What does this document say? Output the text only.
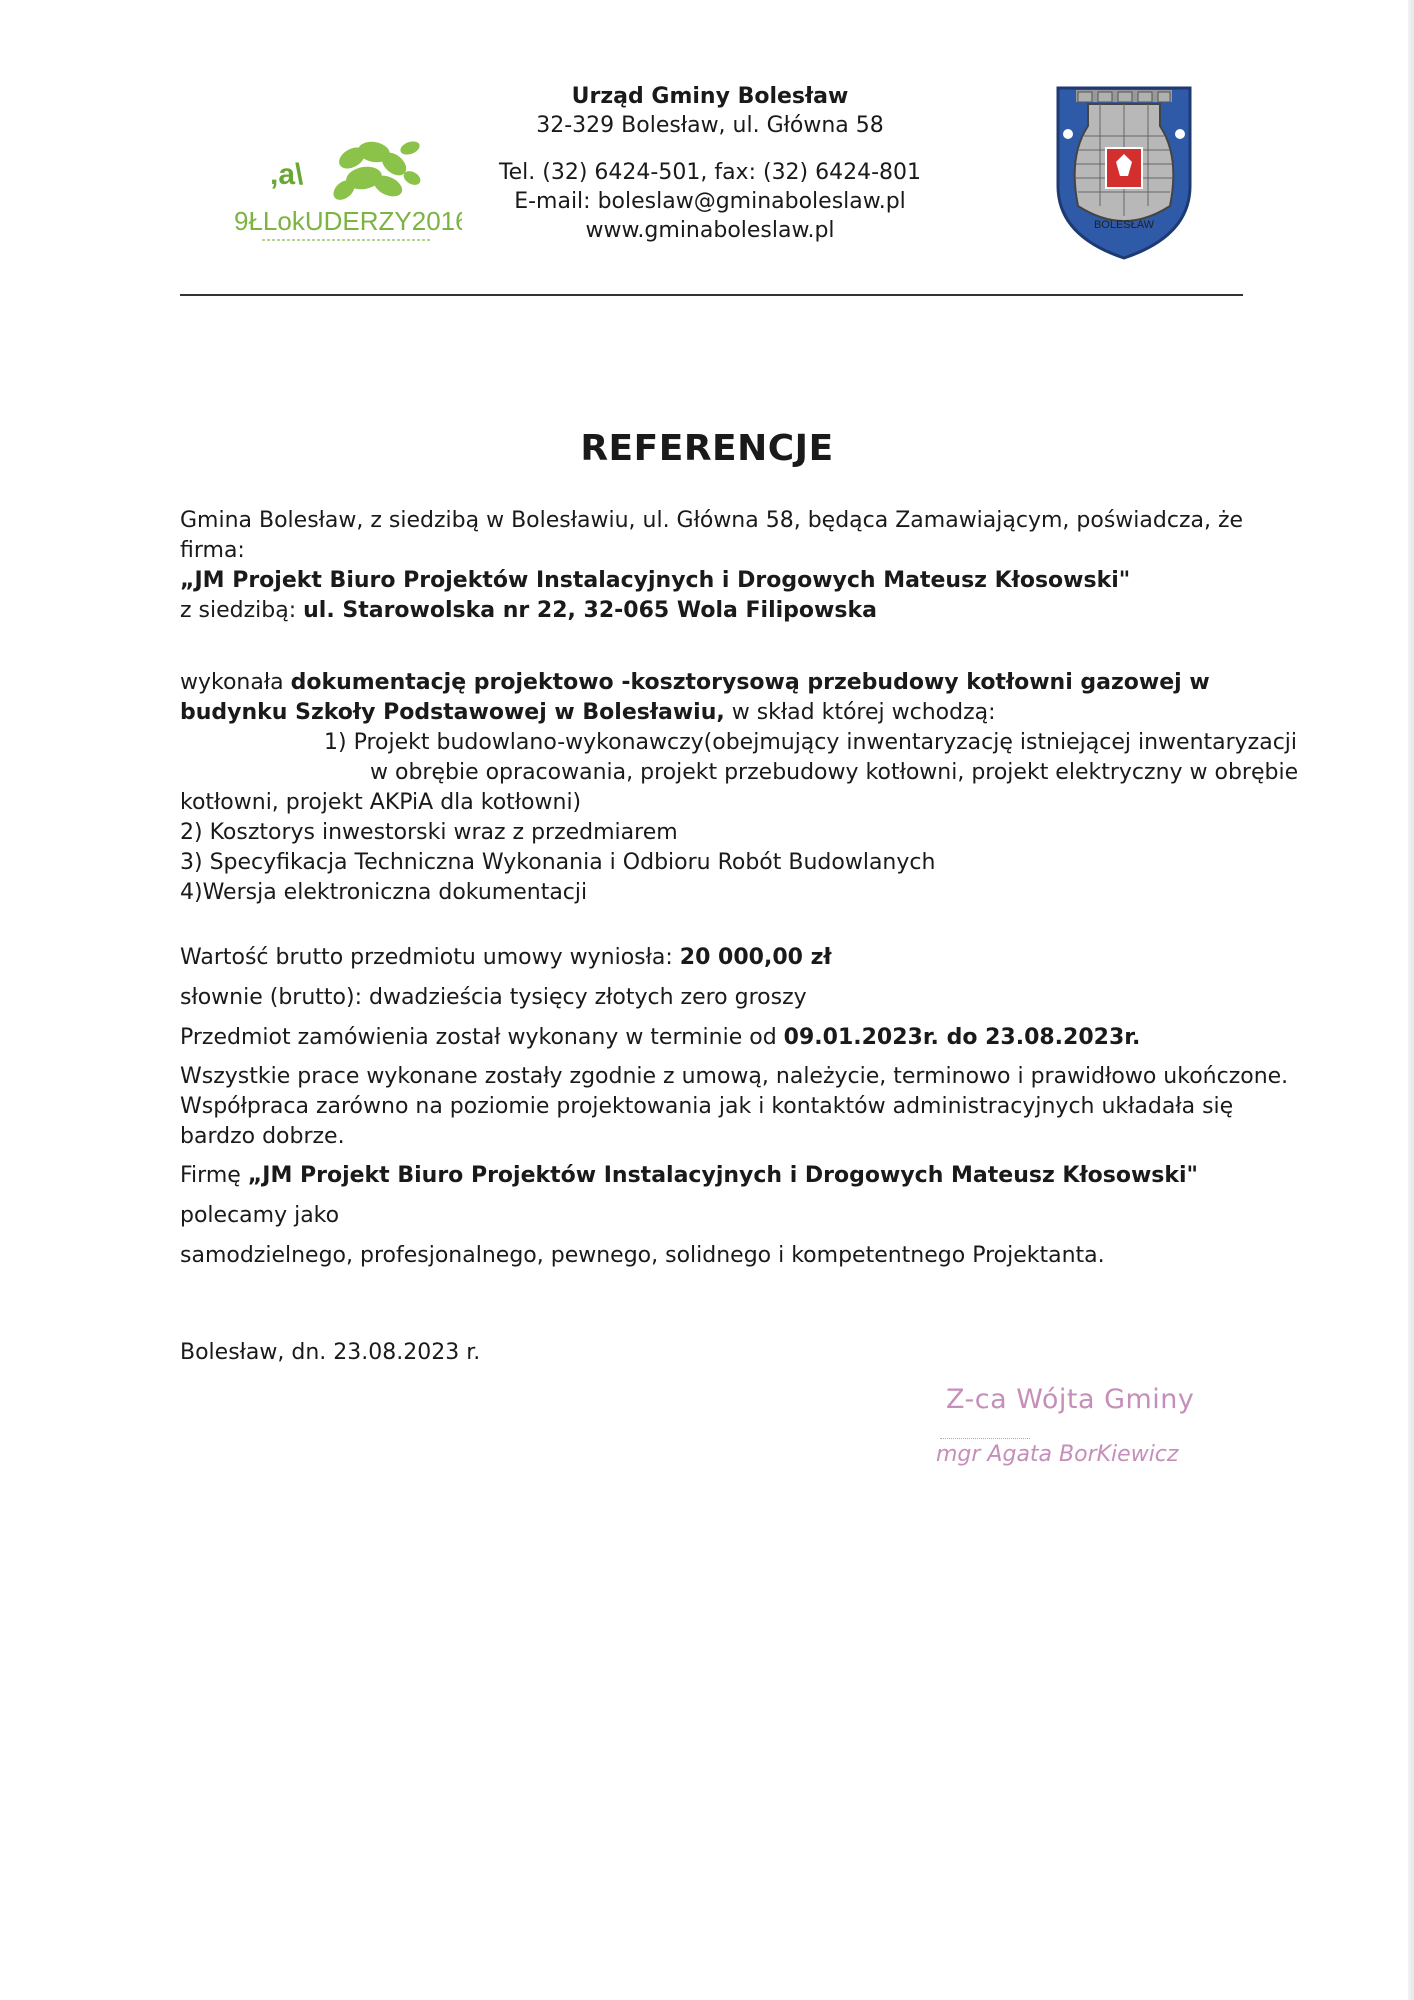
,a\
9ŁLokUDERZY2016
Urząd Gminy Bolesław
32-329 Bolesław, ul. Główna 58
Tel. (32) 6424-501, fax: (32) 6424-801
E-mail: boleslaw@gminaboleslaw.pl
www.gminaboleslaw.pl	BOLESŁAW
REFERENCJE
Gmina Bolesław, z siedzibą w Bolesławiu, ul. Główna 58, będąca Zamawiającym, poświadcza, że firma:
„JM Projekt Biuro Projektów Instalacyjnych i Drogowych Mateusz Kłosowski"
z siedzibą: ul. Starowolska nr 22, 32-065 Wola Filipowska
wykonała dokumentację projektowo -kosztorysową przebudowy kotłowni gazowej w budynku Szkoły Podstawowej w Bolesławiu, w skład której wchodzą:
1) Projekt budowlano-wykonawczy(obejmujący inwentaryzację istniejącej inwentaryzacji
w obrębie opracowania, projekt przebudowy kotłowni, projekt elektryczny w obrębie
kotłowni, projekt AKPiA dla kotłowni)
2) Kosztorys inwestorski wraz z przedmiarem
3) Specyfikacja Techniczna Wykonania i Odbioru Robót Budowlanych
4)Wersja elektroniczna dokumentacji
Wartość brutto przedmiotu umowy wyniosła: 20 000,00 zł
słownie (brutto): dwadzieścia tysięcy złotych zero groszy
Przedmiot zamówienia został wykonany w terminie od 09.01.2023r. do 23.08.2023r.
Wszystkie prace wykonane zostały zgodnie z umową, należycie, terminowo i prawidłowo ukończone. Współpraca zarówno na poziomie projektowania jak i kontaktów administracyjnych układała się bardzo dobrze.
Firmę „JM Projekt Biuro Projektów Instalacyjnych i Drogowych Mateusz Kłosowski" polecamy jako
samodzielnego, profesjonalnego, pewnego, solidnego i kompetentnego Projektanta.
Bolesław, dn. 23.08.2023 r.
Z-ca Wójta Gminy
mgr Agata BorKiewicz
